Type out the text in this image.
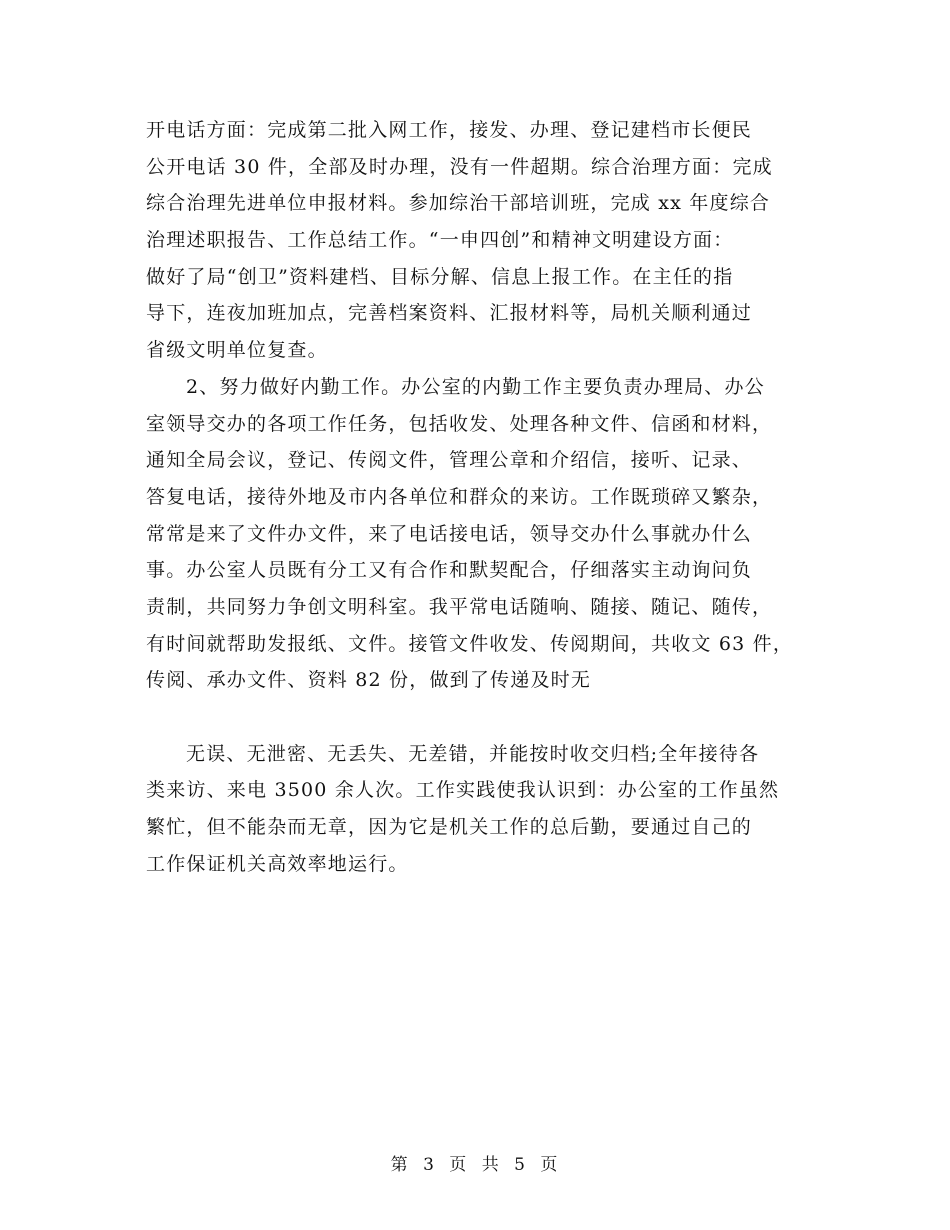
开电话方面：完成第二批入网工作，接发、办理、登记建档市长便民
公开电话 30 件，全部及时办理，没有一件超期。综合治理方面：完成
综合治理先进单位申报材料。参加综治干部培训班，完成 xx 年度综合
治理述职报告、工作总结工作。“一申四创”和精神文明建设方面：
做好了局“创卫”资料建档、目标分解、信息上报工作。在主任的指
导下，连夜加班加点，完善档案资料、汇报材料等，局机关顺利通过
省级文明单位复查。
2、努力做好内勤工作。办公室的内勤工作主要负责办理局、办公
室领导交办的各项工作任务，包括收发、处理各种文件、信函和材料，
通知全局会议，登记、传阅文件，管理公章和介绍信，接听、记录、
答复电话，接待外地及市内各单位和群众的来访。工作既琐碎又繁杂，
常常是来了文件办文件，来了电话接电话，领导交办什么事就办什么
事。办公室人员既有分工又有合作和默契配合，仔细落实主动询问负
责制，共同努力争创文明科室。我平常电话随响、随接、随记、随传，
有时间就帮助发报纸、文件。接管文件收发、传阅期间，共收文 63 件，
传阅、承办文件、资料 82 份，做到了传递及时无
无误、无泄密、无丢失、无差错，并能按时收交归档;全年接待各
类来访、来电 3500 余人次。工作实践使我认识到：办公室的工作虽然
繁忙，但不能杂而无章，因为它是机关工作的总后勤，要通过自己的
工作保证机关高效率地运行。
第 3 页 共 5 页
